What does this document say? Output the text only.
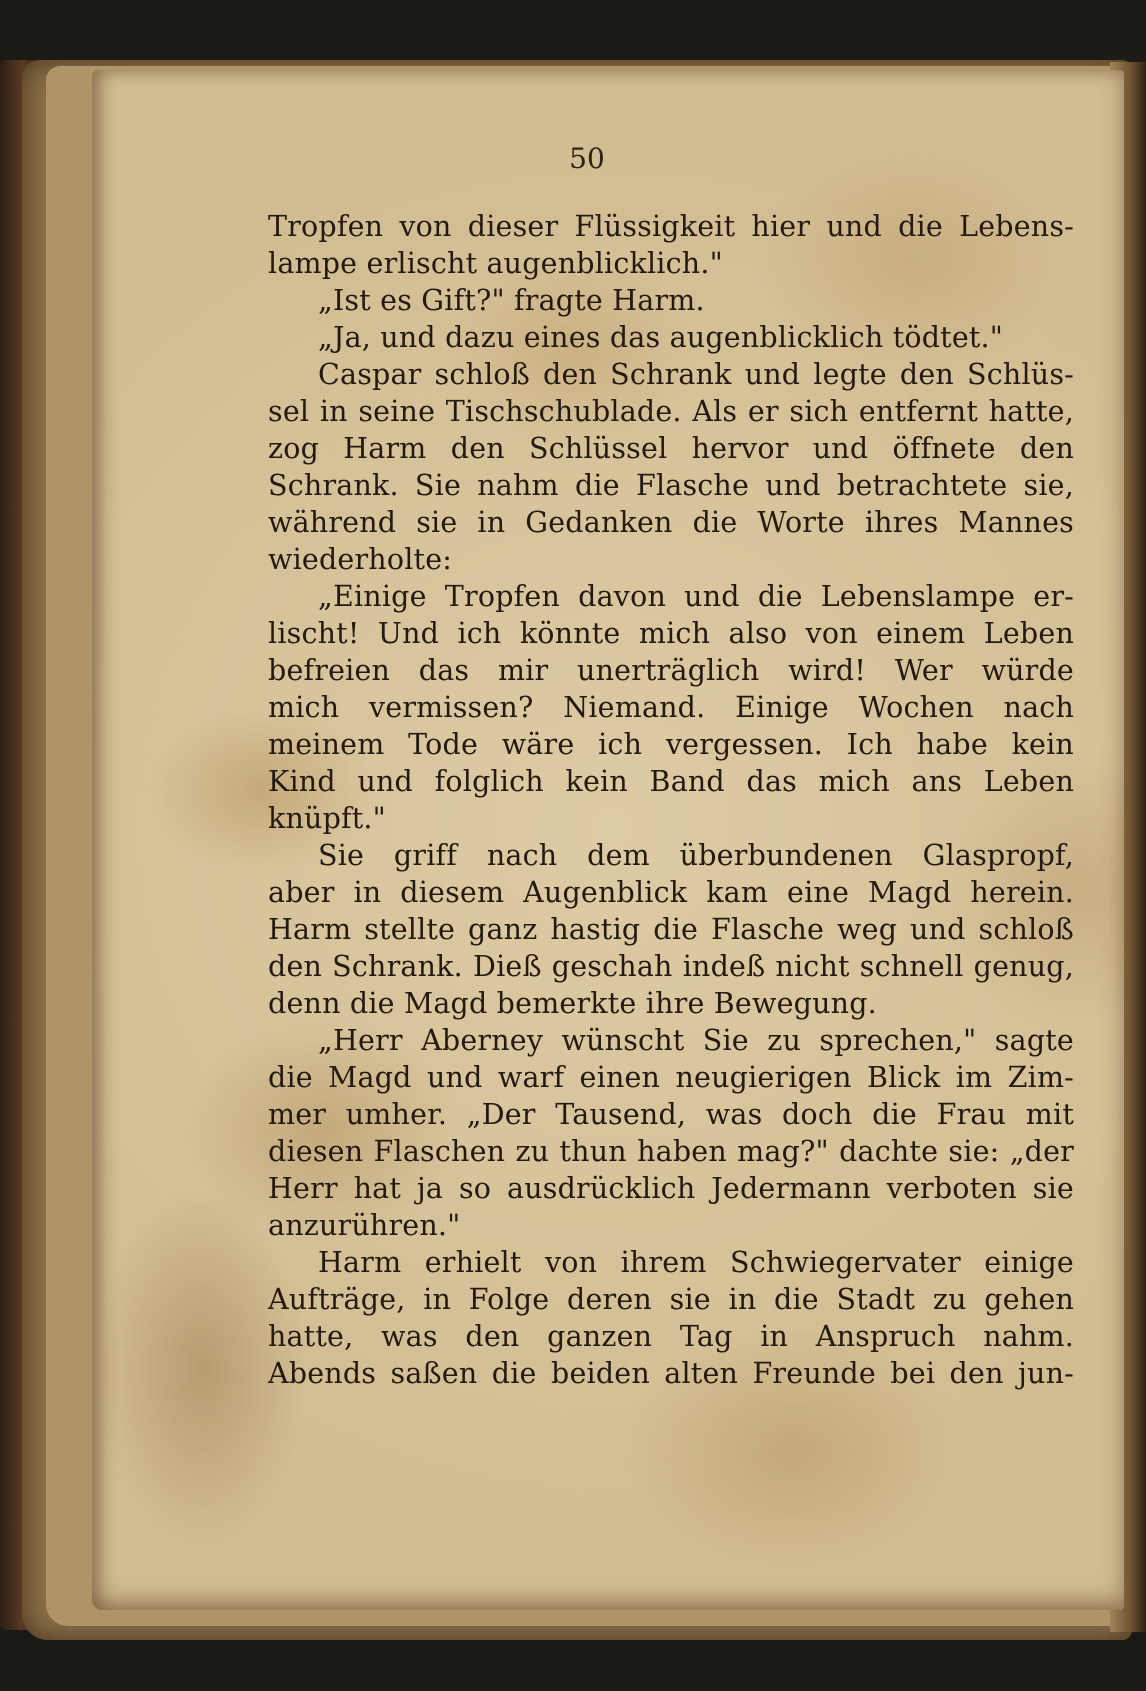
50
Tropfen von dieser Flüssigkeit hier und die Lebens-
lampe erlischt augenblicklich."
„Ist es Gift?" fragte Harm.
„Ja, und dazu eines das augenblicklich tödtet."
Caspar schloß den Schrank und legte den Schlüs-
sel in seine Tischschublade. Als er sich entfernt hatte,
zog Harm den Schlüssel hervor und öffnete den
Schrank. Sie nahm die Flasche und betrachtete sie,
während sie in Gedanken die Worte ihres Mannes
wiederholte:
„Einige Tropfen davon und die Lebenslampe er-
lischt! Und ich könnte mich also von einem Leben
befreien das mir unerträglich wird! Wer würde
mich vermissen? Niemand. Einige Wochen nach
meinem Tode wäre ich vergessen. Ich habe kein
Kind und folglich kein Band das mich ans Leben
knüpft."
Sie griff nach dem überbundenen Glaspropf,
aber in diesem Augenblick kam eine Magd herein.
Harm stellte ganz hastig die Flasche weg und schloß
den Schrank. Dieß geschah indeß nicht schnell genug,
denn die Magd bemerkte ihre Bewegung.
„Herr Aberney wünscht Sie zu sprechen," sagte
die Magd und warf einen neugierigen Blick im Zim-
mer umher. „Der Tausend, was doch die Frau mit
diesen Flaschen zu thun haben mag?" dachte sie: „der
Herr hat ja so ausdrücklich Jedermann verboten sie
anzurühren."
Harm erhielt von ihrem Schwiegervater einige
Aufträge, in Folge deren sie in die Stadt zu gehen
hatte, was den ganzen Tag in Anspruch nahm.
Abends saßen die beiden alten Freunde bei den jun-
